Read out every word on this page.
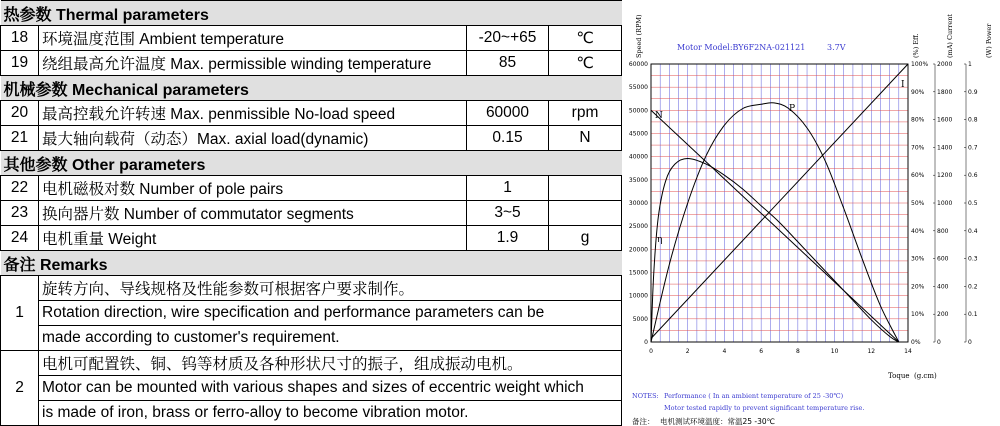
热参数 Thermal parameters			
18	环境温度范围 Ambient temperature	-20~+65	℃
19	绕组最高允许温度 Max. permissible winding temperature	85	℃
机械参数 Mechanical parameters			
20	最高控载允许转速 Max. penmissible No-load speed	60000	rpm
21	最大轴向载荷（动态）Max. axial load(dynamic)	0.15	N
其他参数 Other parameters			
22	电机磁极对数 Number of pole pairs	1	
23	换向器片数 Number of commutator segments	3~5	
24	电机重量 Weight	1.9	g
备注 Remarks			
1	旋转方向、导线规格及性能参数可根据客户要求制作。		
	Rotation direction, wire specification and performance parameters can be		
	made according to customer's requirement.		
2	电机可配置铁、铜、钨等材质及各种形状尺寸的振子，组成振动电机。		
	Motor can be mounted with various shapes and sizes of eccentric weight which		
	is made of iron, brass or ferro-alloy to become vibration motor.		
0
5000
10000
15000
20000
25000
30000
35000
40000
45000
50000
55000
60000
0%	0	0
10% 200	0.1
20% 400	0.2
30% 600	0.3
40% 800	0.4
50% 1000	0.5
60% 1200	0.6
70% 1400	0.7
80% 1600	0.8
90% 1800	0.9
100% 2000	1
0	2	4	6	8	10	12	14
Motor Model:BY6F2NA-021121	3.7V
Speed (RPM)	(%) Eff.	(mA) Current	(W) Power
Toque (g.cm)
NOTES: Performance ( In an ambient temperature of 25 -30℃)
Motor tested rapidly to prevent significant temperature rise.
备注： 电机测试环境温度：常温25 -30℃
I
N
P
η
